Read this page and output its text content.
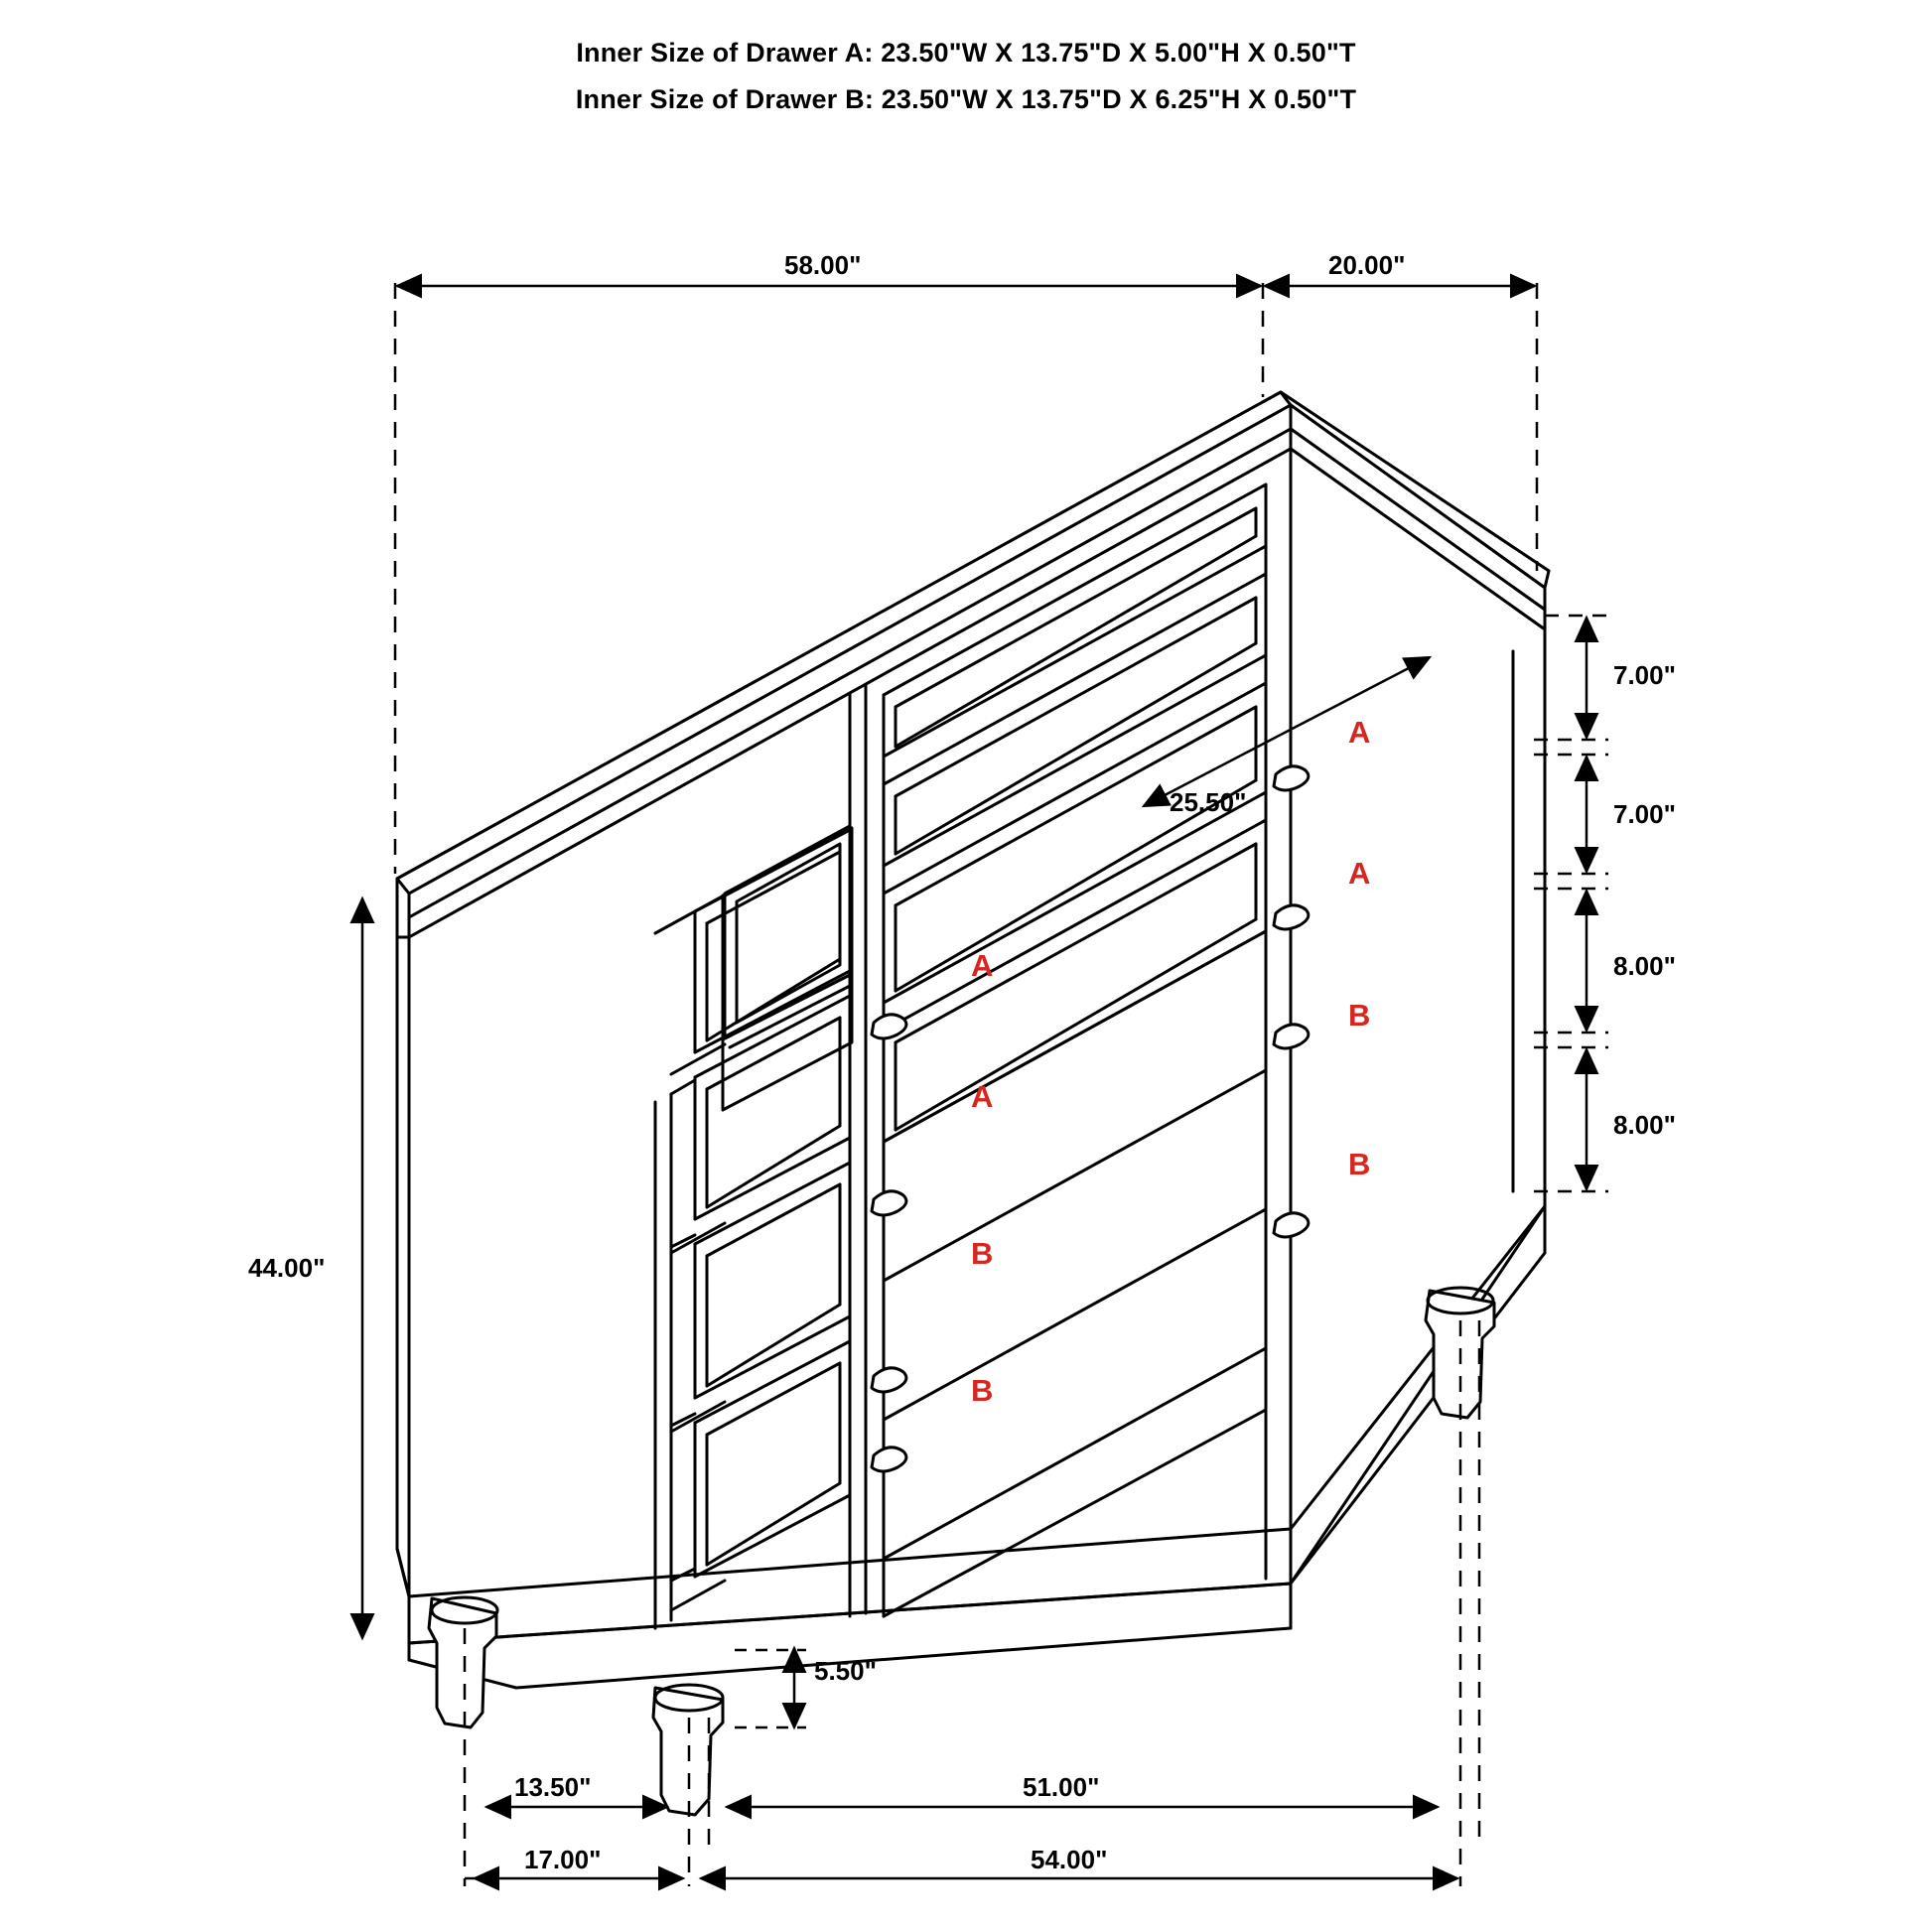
Inner Size of Drawer A: 23.50"W X 13.75"D X 5.00"H X 0.50"T
Inner Size of Drawer B: 23.50"W X 13.75"D X 6.25"H X 0.50"T
58.00"	20.00"
7.00"
7.00"
8.00"
8.00"
44.00"
25.50"
5.50"
13.50"	51.00"
17.00"	54.00"
A
A
B
B
A
A
B
B
